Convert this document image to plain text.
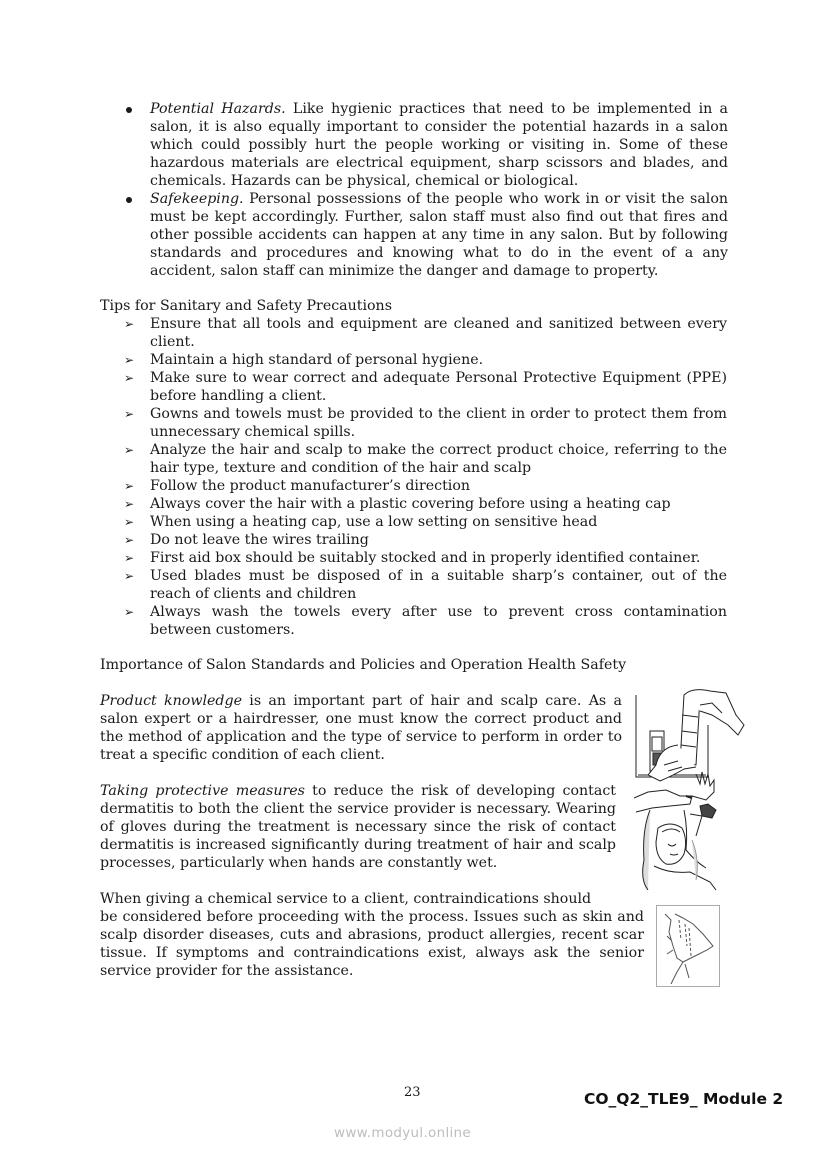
Potential Hazards. Like hygienic practices that need to be implemented in a salon, it is also equally important to consider the potential hazards in a salon which could possibly hurt the people working or visiting in. Some of these hazardous materials are electrical equipment, sharp scissors and blades, and chemicals. Hazards can be physical, chemical or biological.
Safekeeping. Personal possessions of the people who work in or visit the salon must be kept accordingly. Further, salon staff must also find out that fires and other possible accidents can happen at any time in any salon. But by following standards and procedures and knowing what to do in the event of a any accident, salon staff can minimize the danger and damage to property.
Tips for Sanitary and Safety Precautions
➢ Ensure that all tools and equipment are cleaned and sanitized between every client.
➢ Maintain a high standard of personal hygiene.
➢ Make sure to wear correct and adequate Personal Protective Equipment (PPE) before handling a client.
➢ Gowns and towels must be provided to the client in order to protect them from unnecessary chemical spills.
➢ Analyze the hair and scalp to make the correct product choice, referring to the hair type, texture and condition of the hair and scalp
➢ Follow the product manufacturer’s direction
➢ Always cover the hair with a plastic covering before using a heating cap
➢ When using a heating cap, use a low setting on sensitive head
➢ Do not leave the wires trailing
➢ First aid box should be suitably stocked and in properly identified container.
➢ Used blades must be disposed of in a suitable sharp’s container, out of the reach of clients and children
➢ Always wash the towels every after use to prevent cross contamination between customers.
Importance of Salon Standards and Policies and Operation Health Safety

Product knowledge is an important part of hair and scalp care. As a salon expert or a hairdresser, one must know the correct product and the method of application and the type of service to perform in order to treat a specific condition of each client.

Taking protective measures to reduce the risk of developing contact dermatitis to both the client the service provider is necessary. Wearing of gloves during the treatment is necessary since the risk of contact dermatitis is increased significantly during treatment of hair and scalp processes, particularly when hands are constantly wet.

When giving a chemical service to a client, contraindications should
be considered before proceeding with the process. Issues such as skin and scalp disorder diseases, cuts and abrasions, product allergies, recent scar tissue. If symptoms and contraindications exist, always ask the senior service provider for the assistance.

23	CO_Q2_TLE9_ Module 2
www.modyul.online
